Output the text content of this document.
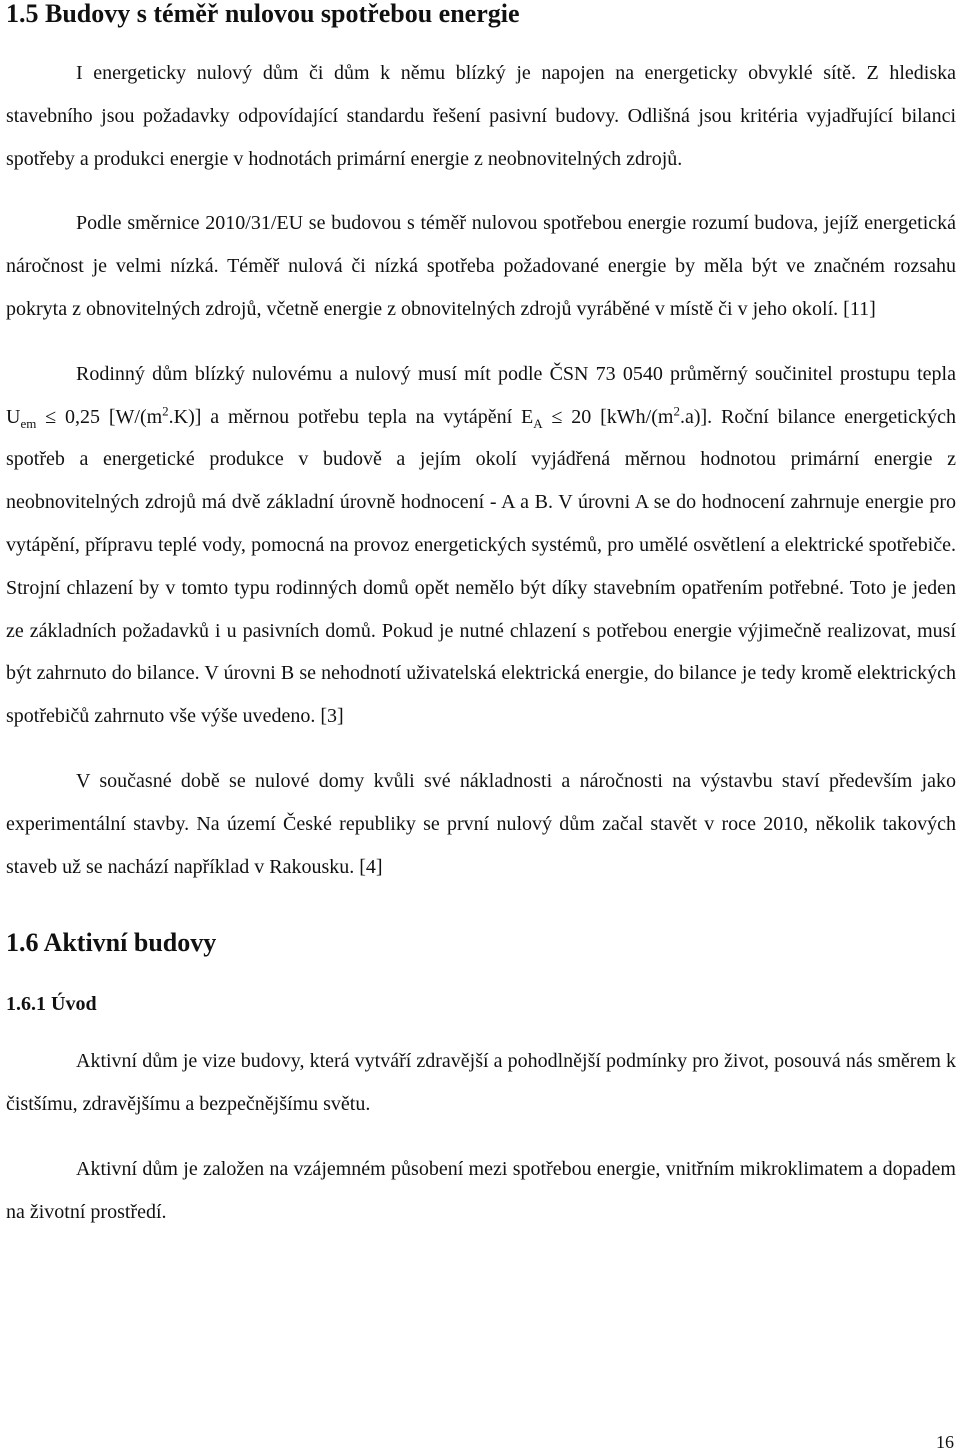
1.5 Budovy s téměř nulovou spotřebou energie

I energeticky nulový dům či dům k němu blízký je napojen na energeticky obvyklé sítě. Z hlediska stavebního jsou požadavky odpovídající standardu řešení pasivní budovy. Odlišná jsou kritéria vyjadřující bilanci spotřeby a produkci energie v hodnotách primární energie z neobnovitelných zdrojů.

Podle směrnice 2010/31/EU se budovou s téměř nulovou spotřebou energie rozumí budova, jejíž energetická náročnost je velmi nízká. Téměř nulová či nízká spotřeba požadované energie by měla být ve značném rozsahu pokryta z obnovitelných zdrojů, včetně energie z obnovitelných zdrojů vyráběné v místě či v jeho okolí. [11]

Rodinný dům blízký nulovému a nulový musí mít podle ČSN 73 0540 průměrný součinitel prostupu tepla $U_{em} \le 0,25$ $[W/(m^2.K)]$ a měrnou potřebu tepla na vytápění $E_A \le 20$ $[kWh/(m^2.a)]$. Roční bilance energetických spotřeb a energetické produkce v budově a jejím okolí vyjádřená měrnou hodnotou primární energie z neobnovitelných zdrojů má dvě základní úrovně hodnocení - A a B. V úrovni A se do hodnocení zahrnuje energie pro vytápění, přípravu teplé vody, pomocná na provoz energetických systémů, pro umělé osvětlení a elektrické spotřebiče. Strojní chlazení by v tomto typu rodinných domů opět nemělo být díky stavebním opatřením potřebné. Toto je jeden ze základních požadavků i u pasivních domů. Pokud je nutné chlazení s potřebou energie výjimečně realizovat, musí být zahrnuto do bilance. V úrovni B se nehodnotí uživatelská elektrická energie, do bilance je tedy kromě elektrických spotřebičů zahrnuto vše výše uvedeno. [3]

V současné době se nulové domy kvůli své nákladnosti a náročnosti na výstavbu staví především jako experimentální stavby. Na území České republiky se první nulový dům začal stavět v roce 2010, několik takových staveb už se nachází například v Rakousku. [4]

1.6 Aktivní budovy
1.6.1 Úvod

Aktivní dům je vize budovy, která vytváří zdravější a pohodlnější podmínky pro život, posouvá nás směrem k čistšímu, zdravějšímu a bezpečnějšímu světu.

Aktivní dům je založen na vzájemném působení mezi spotřebou energie, vnitřním mikroklimatem a dopadem na životní prostředí.

16
